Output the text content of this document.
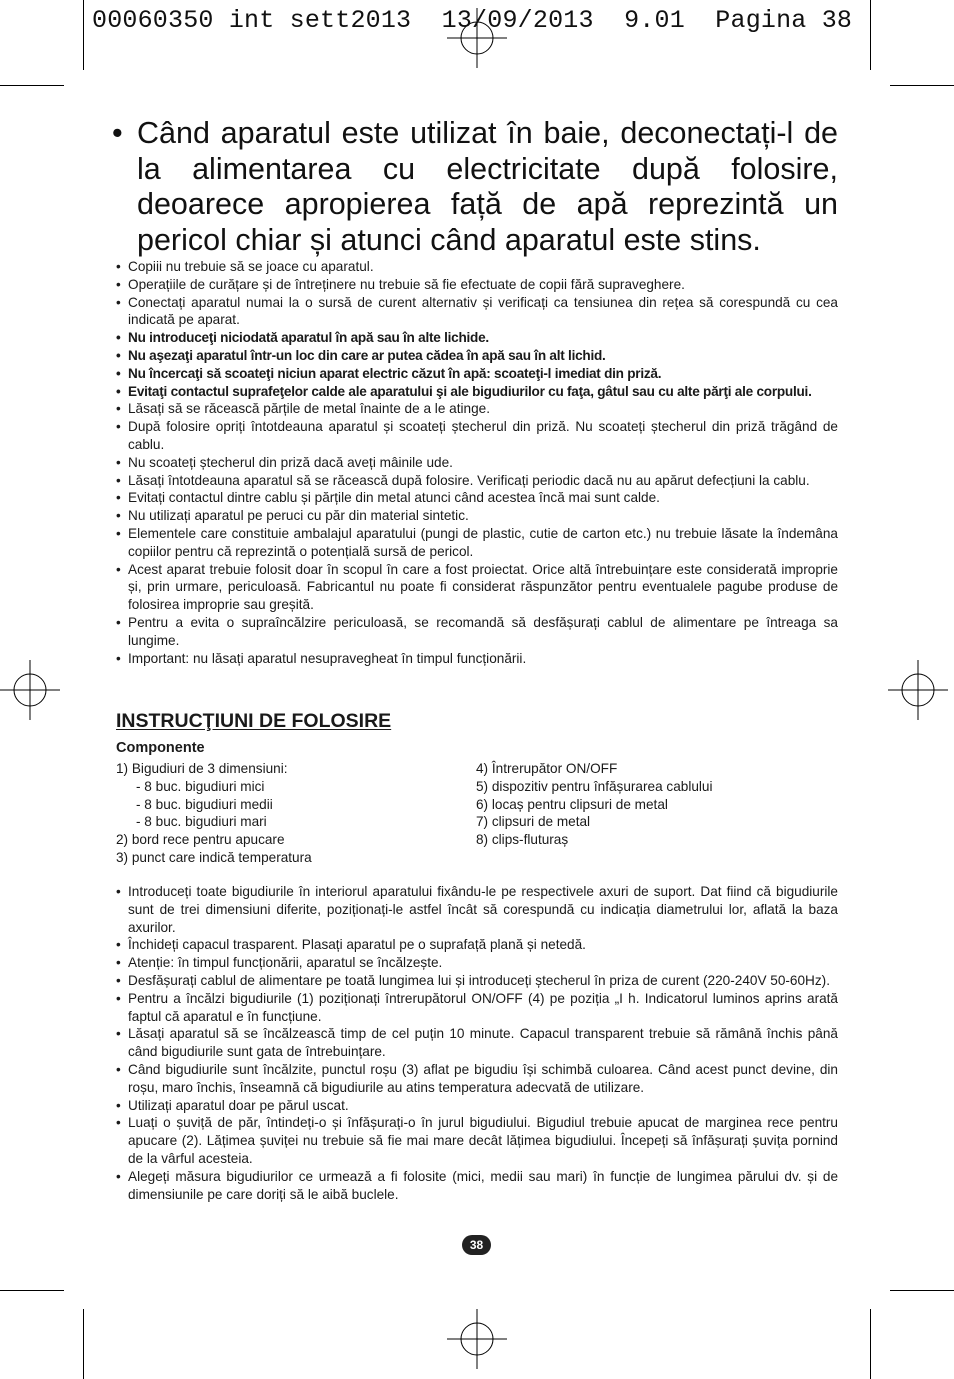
00060350 int sett2013  13/09/2013  9.01  Pagina 38
• Când aparatul este utilizat în baie, deconectați-l de la alimentarea cu electricitate după folosire, deoarece apropierea față de apă reprezintă un pericol chiar și atunci când aparatul este stins.
• Copiii nu trebuie să se joace cu aparatul.
• Operațiile de curățare și de întreținere nu trebuie să fie efectuate de copii fără supraveghere.
• Conectați aparatul numai la o sursă de curent alternativ și verificați ca tensiunea din rețea să corespundă cu cea indicată pe aparat.
• Nu introduceţi niciodată aparatul în apă sau în alte lichide.
• Nu aşezaţi aparatul într-un loc din care ar putea cădea în apă sau în alt lichid.
• Nu încercaţi să scoateţi niciun aparat electric căzut în apă: scoateţi-l imediat din priză.
• Evitaţi contactul suprafeţelor calde ale aparatului şi ale bigudiurilor cu faţa, gâtul sau cu alte părţi ale corpului.
• Lăsați să se răcească părțile de metal înainte de a le atinge.
• După folosire opriți întotdeauna aparatul și scoateți ștecherul din priză. Nu scoateți ștecherul din priză trăgând de cablu.
• Nu scoateți ștecherul din priză dacă aveți mâinile ude.
• Lăsați întotdeauna aparatul să se răcească după folosire. Verificați periodic dacă nu au apărut defecțiuni la cablu.
• Evitați contactul dintre cablu și părțile din metal atunci când acestea încă mai sunt calde.
• Nu utilizați aparatul pe peruci cu păr din material sintetic.
• Elementele care constituie ambalajul aparatului (pungi de plastic, cutie de carton etc.) nu trebuie lăsate la îndemâna copiilor pentru că reprezintă o potențială sursă de pericol.
• Acest aparat trebuie folosit doar în scopul în care a fost proiectat. Orice altă întrebuințare este considerată improprie și, prin urmare, periculoasă. Fabricantul nu poate fi considerat răspunzător pentru eventualele pagube produse de folosirea improprie sau greșită.
• Pentru a evita o supraîncălzire periculoasă, se recomandă să desfășurați cablul de alimentare pe întreaga sa lungime.
• Important: nu lăsați aparatul nesupravegheat în timpul funcționării.
INSTRUCŢIUNI DE FOLOSIRE
Componente
1) Bigudiuri de 3 dimensiuni:
- 8 buc. bigudiuri mici
- 8 buc. bigudiuri medii
- 8 buc. bigudiuri mari
2) bord rece pentru apucare
3) punct care indică temperatura
4) Întrerupător ON/OFF
5) dispozitiv pentru înfășurarea cablului
6) locaș pentru clipsuri de metal
7) clipsuri de metal
8) clips-fluturaș
• Introduceți toate bigudiurile în interiorul aparatului fixându-le pe respectivele axuri de suport. Dat fiind că bigudiurile sunt de trei dimensiuni diferite, poziționați-le astfel încât să corespundă cu indicația diametrului lor, aflată la baza axurilor.
• Închideți capacul trasparent. Plasați aparatul pe o suprafață plană și netedă.
• Atenție: în timpul funcționării, aparatul se încălzește.
• Desfășurați cablul de alimentare pe toată lungimea lui și introduceți ștecherul în priza de curent (220-240V 50-60Hz).
• Pentru a încălzi bigudiurile (1) poziționați întrerupătorul ON/OFF (4) pe poziția „I h. Indicatorul luminos aprins arată faptul că aparatul e în funcțiune.
• Lăsați aparatul să se încălzească timp de cel puțin 10 minute. Capacul transparent trebuie să rămână închis până când bigudiurile sunt gata de întrebuințare.
• Când bigudiurile sunt încălzite, punctul roșu (3) aflat pe bigudiu își schimbă culoarea. Când acest punct devine, din roșu, maro închis, înseamnă că bigudiurile au atins temperatura adecvată de utilizare.
• Utilizați aparatul doar pe părul uscat.
• Luați o șuviță de păr, întindeți-o și înfășurați-o în jurul bigudiului. Bigudiul trebuie apucat de marginea rece pentru apucare (2). Lățimea șuviței nu trebuie să fie mai mare decât lățimea bigudiului. Începeți să înfășurați șuvița pornind de la vârful acesteia.
• Alegeți măsura bigudiurilor ce urmează a fi folosite (mici, medii sau mari) în funcție de lungimea părului dv. și de dimensiunile pe care doriți să le aibă buclele.
38
